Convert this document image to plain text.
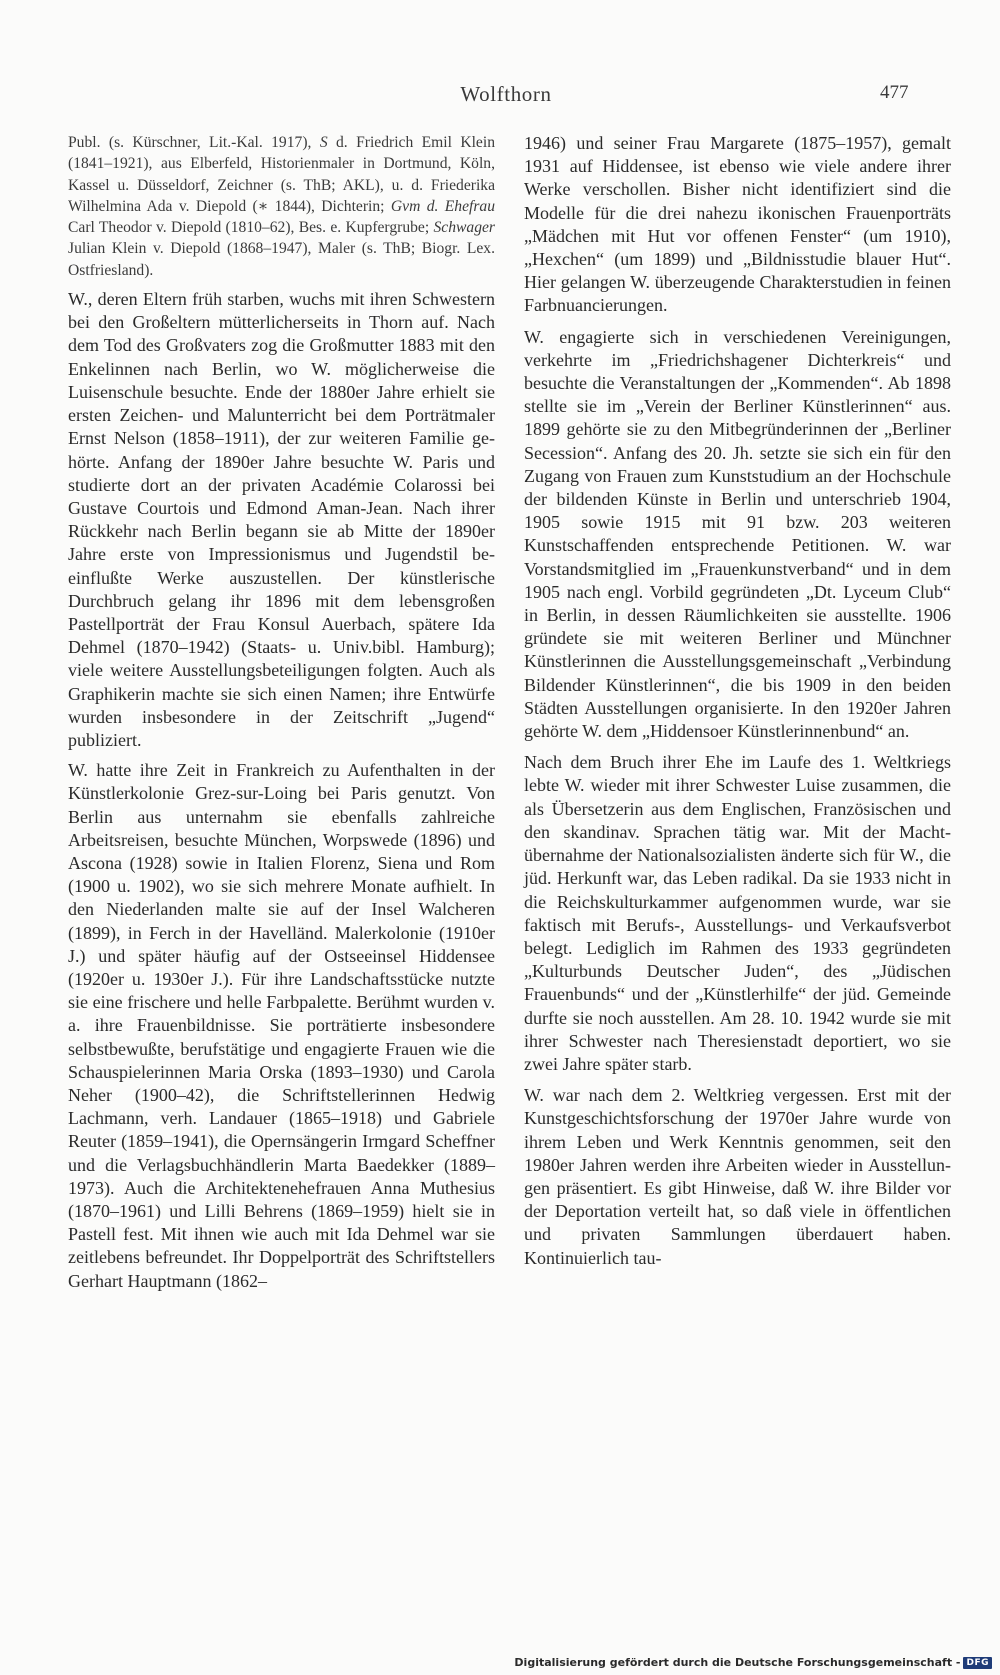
Wolfthorn	477

Publ. (s. Kürschner, Lit.-Kal. 1917), S d. Friedrich Emil Klein (1841–1921), aus Elberfeld, Historienmaler in Dortmund, Köln, Kassel u. Düsseldorf, Zeichner (s. ThB; AKL), u. d. Friederika Wilhelmina Ada v. Diepold (∗ 1844), Dichterin; Gvm d. Ehefrau Carl Theodor v. Diepold (1810–62), Bes. e. Kupfergrube; Schwager Julian Klein v. Diepold (1868–1947), Maler (s. ThB; Biogr. Lex. Ostfriesland).

W., deren Eltern früh starben, wuchs mit ihren Schwestern bei den Großeltern mütterlicherseits in Thorn auf. Nach dem Tod des Großvaters zog die Großmutter 1883 mit den Enkelinnen nach Berlin, wo W. möglicherweise die Luisenschule besuchte. Ende der 1880er Jahre erhielt sie ersten Zeichen- und Malunterricht bei dem Porträtmaler Ernst Nelson (1858–1911), der zur weiteren Familie gehörte. Anfang der 1890er Jahre besuchte W. Paris und studierte dort an der privaten Académie Colarossi bei Gustave Courtois und Edmond Aman-Jean. Nach ihrer Rückkehr nach Berlin begann sie ab Mitte der 1890er Jahre erste von Impressionismus und Jugendstil beeinflußte Werke auszustellen. Der künstlerische Durchbruch gelang ihr 1896 mit dem lebensgroßen Pastellporträt der Frau Konsul Auerbach, spätere Ida Dehmel (1870–1942) (Staats- u. Univ.bibl. Hamburg); viele weitere Ausstellungsbeteiligungen folgten. Auch als Graphikerin machte sie sich einen Namen; ihre Entwürfe wurden insbesondere in der Zeitschrift „Jugend“ publiziert.

W. hatte ihre Zeit in Frankreich zu Aufenthalten in der Künstlerkolonie Grez-sur-Loing bei Paris genutzt. Von Berlin aus unternahm sie ebenfalls zahlreiche Arbeitsreisen, besuchte München, Worpswede (1896) und Ascona (1928) sowie in Italien Florenz, Siena und Rom (1900 u. 1902), wo sie sich mehrere Monate aufhielt. In den Niederlanden malte sie auf der Insel Walcheren (1899), in Ferch in der Havelländ. Malerkolonie (1910er J.) und später häufig auf der Ostseeinsel Hiddensee (1920er u. 1930er J.). Für ihre Landschaftsstücke nutzte sie eine frischere und helle Farbpalette. Berühmt wurden v. a. ihre Frauenbildnisse. Sie porträtierte insbesondere selbstbewußte, berufstätige und engagierte Frauen wie die Schauspielerinnen Maria Orska (1893–1930) und Carola Neher (1900–42), die Schriftstellerinnen Hedwig Lachmann, verh. Landauer (1865–1918) und Gabriele Reuter (1859–1941), die Opernsängerin Irmgard Scheffner und die Verlagsbuchhändlerin Marta Baedekker (1889–1973). Auch die Architektenehefrauen Anna Muthesius (1870–1961) und Lilli Behrens (1869–1959) hielt sie in Pastell fest. Mit ihnen wie auch mit Ida Dehmel war sie zeitlebens befreundet. Ihr Doppelporträt des Schriftstellers Gerhart Hauptmann (1862–

1946) und seiner Frau Margarete (1875–1957), gemalt 1931 auf Hiddensee, ist ebenso wie viele andere ihrer Werke verschollen. Bisher nicht identifiziert sind die Modelle für die drei nahezu ikonischen Frauenporträts „Mädchen mit Hut vor offenen Fenster“ (um 1910), „Hexchen“ (um 1899) und „Bildnisstudie blauer Hut“. Hier gelangen W. überzeugende Charakterstudien in feinen Farbnuancierungen.

W. engagierte sich in verschiedenen Vereinigungen, verkehrte im „Friedrichshagener Dichterkreis“ und besuchte die Veranstaltungen der „Kommenden“. Ab 1898 stellte sie im „Verein der Berliner Künstlerinnen“ aus. 1899 gehörte sie zu den Mitbegründerinnen der „Berliner Secession“. Anfang des 20. Jh. setzte sie sich ein für den Zugang von Frauen zum Kunststudium an der Hochschule der bildenden Künste in Berlin und unterschrieb 1904, 1905 sowie 1915 mit 91 bzw. 203 weiteren Kunstschaffenden entsprechende Petitionen. W. war Vorstandsmitglied im „Frauenkunstverband“ und in dem 1905 nach engl. Vorbild gegründeten „Dt. Lyceum Club“ in Berlin, in dessen Räumlichkeiten sie ausstellte. 1906 gründete sie mit weiteren Berliner und Münchner Künstlerinnen die Ausstellungsgemeinschaft „Verbindung Bildender Künstlerinnen“, die bis 1909 in den beiden Städten Ausstellungen organisierte. In den 1920er Jahren gehörte W. dem „Hiddensoer Künstlerinnenbund“ an.

Nach dem Bruch ihrer Ehe im Laufe des 1. Weltkriegs lebte W. wieder mit ihrer Schwester Luise zusammen, die als Übersetzerin aus dem Englischen, Französischen und den skandinav. Sprachen tätig war. Mit der Machtübernahme der Nationalsozialisten änderte sich für W., die jüd. Herkunft war, das Leben radikal. Da sie 1933 nicht in die Reichskulturkammer aufgenommen wurde, war sie faktisch mit Berufs-, Ausstellungs- und Verkaufsverbot belegt. Lediglich im Rahmen des 1933 gegründeten „Kulturbunds Deutscher Juden“, des „Jüdischen Frauenbunds“ und der „Künstlerhilfe“ der jüd. Gemeinde durfte sie noch ausstellen. Am 28. 10. 1942 wurde sie mit ihrer Schwester nach Theresienstadt deportiert, wo sie zwei Jahre später starb.

W. war nach dem 2. Weltkrieg vergessen. Erst mit der Kunstgeschichtsforschung der 1970er Jahre wurde von ihrem Leben und Werk Kenntnis genommen, seit den 1980er Jahren werden ihre Arbeiten wieder in Ausstellungen präsentiert. Es gibt Hinweise, daß W. ihre Bilder vor der Deportation verteilt hat, so daß viele in öffentlichen und privaten Sammlungen überdauert haben. Kontinuierlich tau-

Digitalisierung gefördert durch die Deutsche Forschungsgemeinschaft - DFG
